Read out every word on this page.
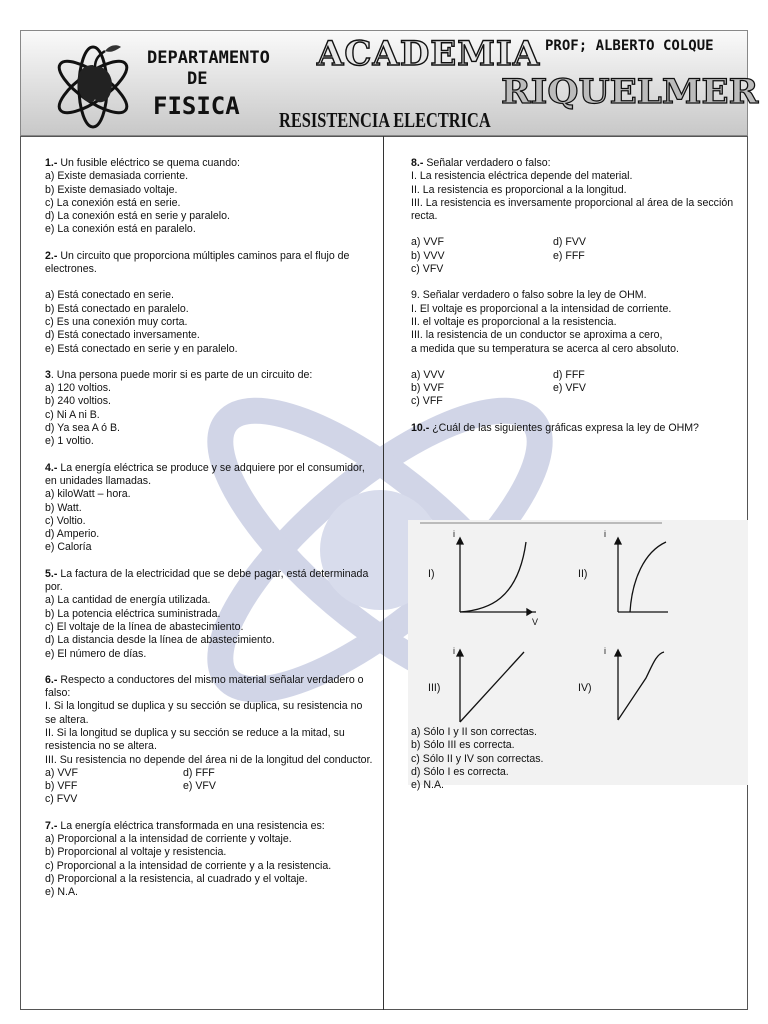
DEPARTAMENTO
DE
FISICA
ACADEMIA PROF; ALBERTO COLQUE
RIQUELMER
RESISTENCIA ELECTRICA

1.- Un fusible eléctrico se quema cuando:

a) Existe demasiada corriente.

b) Existe demasiado voltaje.

c) La conexión está en serie.

d) La conexión está en serie y paralelo.

e) La conexión está en paralelo.

2.- Un circuito que proporciona múltiples caminos para el flujo de electrones.

a) Está conectado en serie.

b) Está conectado en paralelo.

c) Es una conexión muy corta.

d) Está conectado inversamente.

e) Está conectado en serie y en paralelo.

3. Una persona puede morir si es parte de un circuito de:

a) 120 voltios.

b) 240 voltios.

c) Ni A ni B.

d) Ya sea A ó B.

e) 1 voltio.

4.- La energía eléctrica se produce y se adquiere por el consumidor, en unidades llamadas.

a) kiloWatt – hora.

b) Watt.

c) Voltio.

d) Amperio.

e) Caloría

5.- La factura de la electricidad que se debe pagar, está determinada por.

a) La cantidad de energía utilizada.

b) La potencia eléctrica suministrada.

c) El voltaje de la línea de abastecimiento.

d) La distancia desde la línea de abastecimiento.

e) El número de días.

6.- Respecto a conductores del mismo material señalar verdadero o falso:

I. Si la longitud se duplica y su sección se duplica, su resistencia no se altera.

II. Si la longitud se duplica y su sección se reduce a la mitad, su resistencia no se altera.

III. Su resistencia no depende del área ni de la longitud del conductor.

a) VVF	d) FFF
b) VFF	e) VFV
c) FVV

7.- La energía eléctrica transformada en una resistencia es:

a) Proporcional a la intensidad de corriente y voltaje.

b) Proporcional al voltaje y resistencia.

c) Proporcional a la intensidad de corriente y a la resistencia.

d) Proporcional a la resistencia, al cuadrado y el voltaje.

e) N.A.

8.- Señalar verdadero o falso:

I. La resistencia eléctrica depende del material.

II. La resistencia es proporcional a la longitud.

III. La resistencia es inversamente proporcional al área de la sección recta.

a) VVF	d) FVV
b) VVV	e) FFF
c) VFV

9. Señalar verdadero o falso sobre la ley de OHM.

I. El voltaje es proporcional a la intensidad de corriente.

II. el voltaje es proporcional a la resistencia.

III. la resistencia de un conductor se aproxima a cero,

a medida que su temperatura se acerca al cero absoluto.

a) VVV	d) FFF
b) VVF	e) VFV
c) VFF

10.- ¿Cuál de las siguientes gráficas expresa la ley de OHM?

I)	II)
III)	IV)
i	i
i	i
V

a) Sólo I y II son correctas.

b) Sólo III es correcta.

c) Sólo II y IV son correctas.

d) Sólo I es correcta.

e) N.A.
